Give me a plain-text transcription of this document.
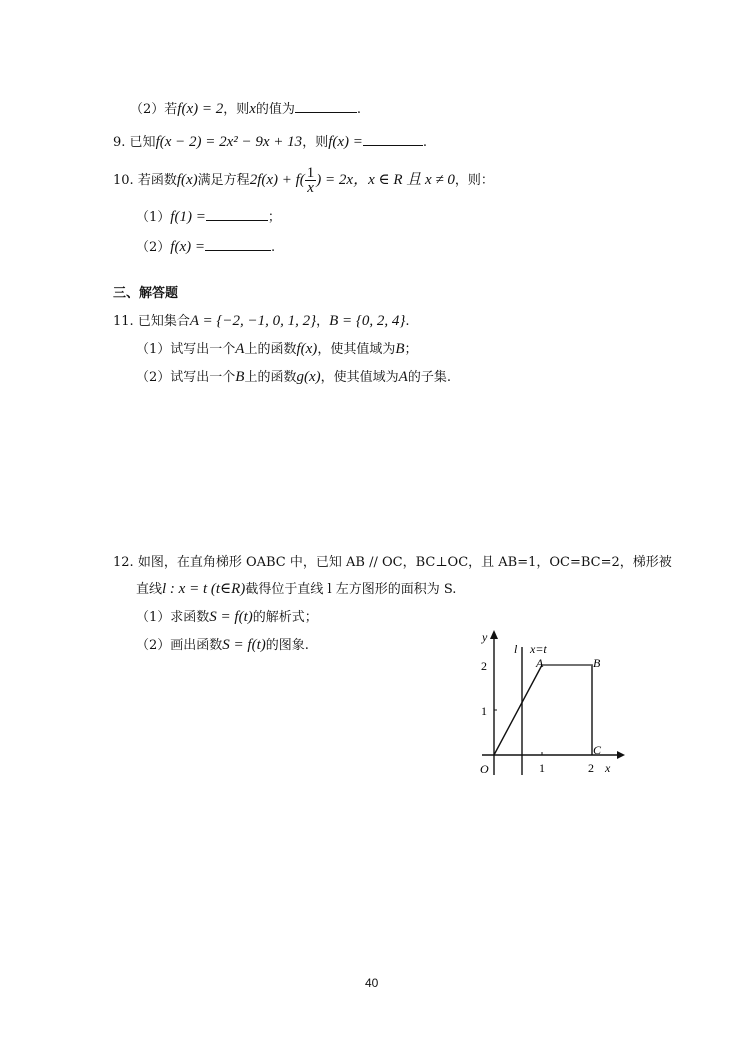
（2）若f(x) = 2，则x的值为	.
9. 已知f(x − 2) = 2x² − 9x + 13，则f(x) =	.
10. 若函数f(x)满足方程$2f(x) + f( \frac{1}{x}$ ) = 2x，x ∈ R 且 x ≠ 0，则：
（1）f(1) =	；
（2）f(x) =	.
三、解答题
11. 已知集合A = {−2, −1, 0, 1, 2}，B = {0, 2, 4}.
（1）试写出一个A上的函数f(x)，使其值域为B；
（2）试写出一个B上的函数g(x)，使其值域为A的子集.
12. 如图，在直角梯形 OABC 中，已知 AB // OC，BC⊥OC，且 AB=1，OC=BC=2，梯形被
直线l : x = t (t∈R)截得位于直线 l 左方图形的面积为 S.
（1）求函数S = f(t)的解析式；
（2）画出函数S = f(t)的图象.
y
x
l x=t
O
A	B
C
1	2
1
2
40
